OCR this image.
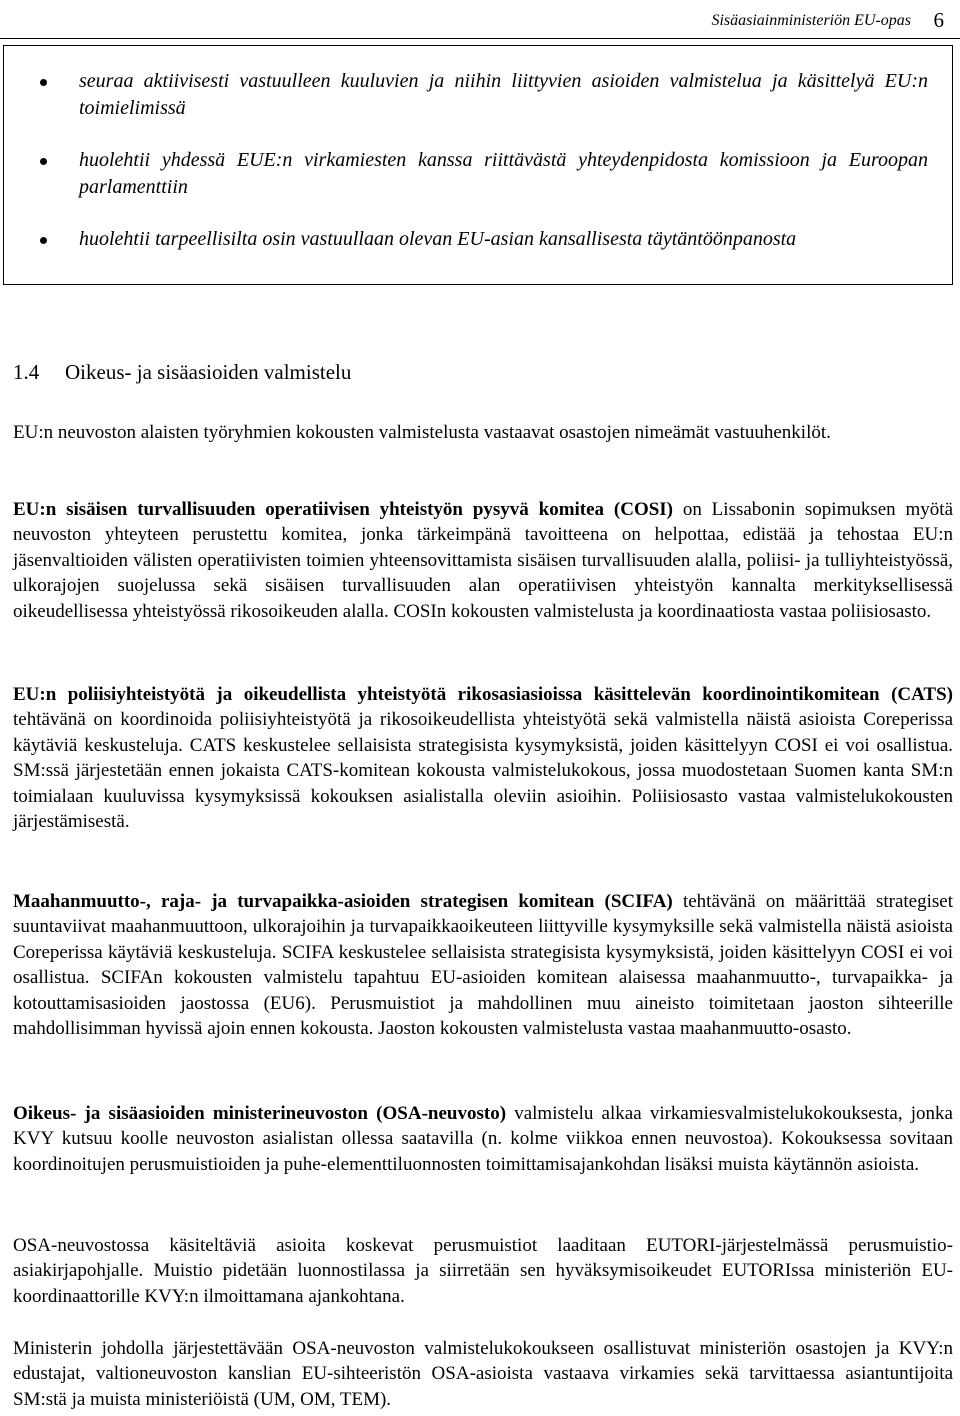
Sisäasiainministeriön EU-opas 6
seuraa aktiivisesti vastuulleen kuuluvien ja niihin liittyvien asioiden valmistelua ja käsittelyä EU:n toimielimissä
huolehtii yhdessä EUE:n virkamiesten kanssa riittävästä yhteydenpidosta komissioon ja Euroopan parlamenttiin
huolehtii tarpeellisilta osin vastuullaan olevan EU-asian kansallisesta täytäntöönpanosta
1.4 Oikeus- ja sisäasioiden valmistelu

EU:n neuvoston alaisten työryhmien kokousten valmistelusta vastaavat osastojen nimeämät vastuuhenkilöt.

EU:n sisäisen turvallisuuden operatiivisen yhteistyön pysyvä komitea (COSI) on Lissabonin sopimuksen myötä neuvoston yhteyteen perustettu komitea, jonka tärkeimpänä tavoitteena on helpottaa, edistää ja tehostaa EU:n jäsenvaltioiden välisten operatiivisten toimien yhteensovittamista sisäisen turvallisuuden alalla, poliisi- ja tulliyhteistyössä, ulkorajojen suojelussa sekä sisäisen turvallisuuden alan operatiivisen yhteistyön kannalta merkityksellisessä oikeudellisessa yhteistyössä rikosoikeuden alalla. COSIn kokousten valmistelusta ja koordinaatiosta vastaa poliisiosasto.

EU:n poliisiyhteistyötä ja oikeudellista yhteistyötä rikosasiasioissa käsittelevän koordinointikomitean (CATS) tehtävänä on koordinoida poliisiyhteistyötä ja rikosoikeudellista yhteistyötä sekä valmistella näistä asioista Coreperissa käytäviä keskusteluja. CATS keskustelee sellaisista strategisista kysymyksistä, joiden käsittelyyn COSI ei voi osallistua. SM:ssä järjestetään ennen jokaista CATS-komitean kokousta valmistelukokous, jossa muodostetaan Suomen kanta SM:n toimialaan kuuluvissa kysymyksissä kokouksen asialistalla oleviin asioihin. Poliisiosasto vastaa valmistelukokousten järjestämisestä.

Maahanmuutto-, raja- ja turvapaikka-asioiden strategisen komitean (SCIFA) tehtävänä on määrittää strategiset suuntaviivat maahanmuuttoon, ulkorajoihin ja turvapaikkaoikeuteen liittyville kysymyksille sekä valmistella näistä asioista Coreperissa käytäviä keskusteluja. SCIFA keskustelee sellaisista strategisista kysymyksistä, joiden käsittelyyn COSI ei voi osallistua. SCIFAn kokousten valmistelu tapahtuu EU-asioiden komitean alaisessa maahanmuutto-, turvapaikka- ja kotouttamisasioiden jaostossa (EU6). Perusmuistiot ja mahdollinen muu aineisto toimitetaan jaoston sihteerille mahdollisimman hyvissä ajoin ennen kokousta. Jaoston kokousten valmistelusta vastaa maahanmuutto-osasto.

Oikeus- ja sisäasioiden ministerineuvoston (OSA-neuvosto) valmistelu alkaa virkamiesvalmistelukokouksesta, jonka KVY kutsuu koolle neuvoston asialistan ollessa saatavilla (n. kolme viikkoa ennen neuvostoa). Kokouksessa sovitaan koordinoitujen perusmuistioiden ja puhe-elementtiluonnosten toimittamisajankohdan lisäksi muista käytännön asioista.

OSA-neuvostossa käsiteltäviä asioita koskevat perusmuistiot laaditaan EUTORI-järjestelmässä perusmuistio-asiakirjapohjalle. Muistio pidetään luonnostilassa ja siirretään sen hyväksymisoikeudet EUTORIssa ministeriön EU-koordinaattorille KVY:n ilmoittamana ajankohtana.

Ministerin johdolla järjestettävään OSA-neuvoston valmistelukokoukseen osallistuvat ministeriön osastojen ja KVY:n edustajat, valtioneuvoston kanslian EU-sihteeristön OSA-asioista vastaava virkamies sekä tarvittaessa asiantuntijoita SM:stä ja muista ministeriöistä (UM, OM, TEM).
